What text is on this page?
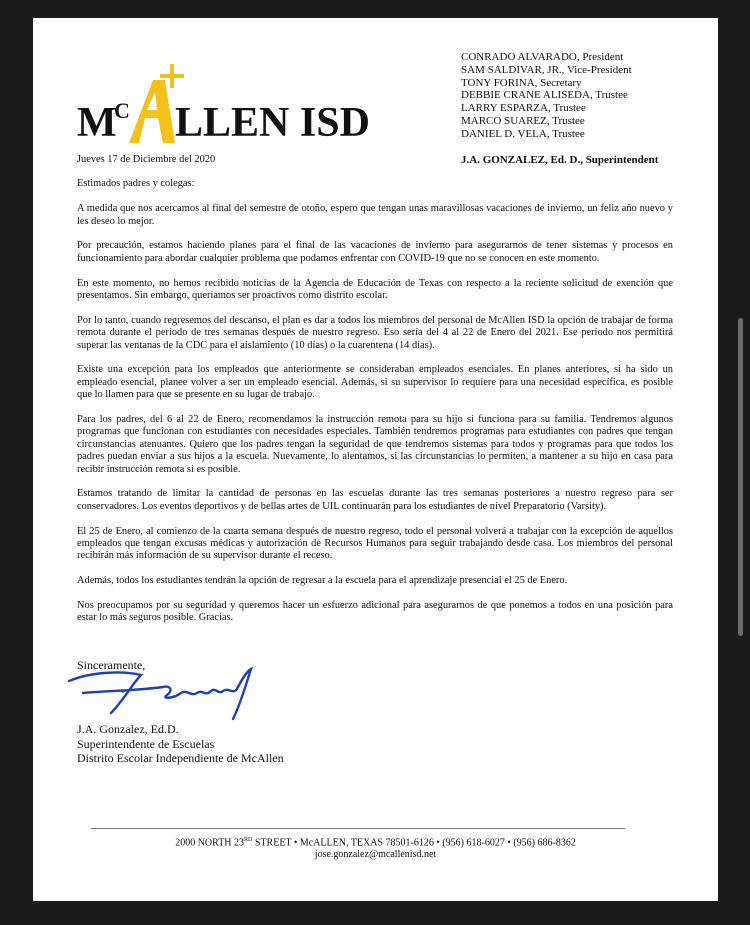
M
C LLEN ISD
CONRADO ALVARADO, President
SAM SALDIVAR, JR., Vice-President
TONY FORINA, Secretary
DEBBIE CRANE ALISEDA, Trustee
LARRY ESPARZA, Trustee
MARCO SUAREZ, Trustee
DANIEL D. VELA, Trustee
J.A. GONZALEZ, Ed. D., Superintendent

Jueves 17 de Diciembre del 2020

Estimados padres y colegas:

A medida que nos acercamos al final del semestre de otoño, espero que tengan unas maravillosas vacaciones de invierno, un feliz año nuevo y les deseo lo mejor.

Por precaución, estamos haciendo planes para el final de las vacaciones de invierno para asegurarnos de tener sistemas y procesos en funcionamiento para abordar cualquier problema que podamos enfrentar con COVID-19 que no se conocen en este momento.

En este momento, no hemos recibido noticias de la Agencia de Educación de Texas con respecto a la reciente solicitud de exención que presentamos. Sin embargo, queríamos ser proactivos como distrito escolar.

Por lo tanto, cuando regresemos del descanso, el plan es dar a todos los miembros del personal de McAllen ISD la opción de trabajar de forma remota durante el período de tres semanas después de nuestro regreso. Eso sería del 4 al 22 de Enero del 2021. Ese período nos permitirá superar las ventanas de la CDC para el aislamiento (10 días) o la cuarentena (14 días).

Existe una excepción para los empleados que anteriormente se consideraban empleados esenciales. En planes anteriores, si ha sido un empleado esencial, planee volver a ser un empleado esencial. Además, si su supervisor lo requiere para una necesidad específica, es posible que lo llamen para que se presente en su lugar de trabajo.

Para los padres, del 6 al 22 de Enero, recomendamos la instrucción remota para su hijo si funciona para su familia. Tendremos algunos programas que funcionan con estudiantes con necesidades especiales. También tendremos programas para estudiantes con padres que tengan circunstancias atenuantes. Quiero que los padres tengan la seguridad de que tendremos sistemas para todos y programas para que todos los padres puedan enviar a sus hijos a la escuela. Nuevamente, lo alentamos, si las circunstancias lo permiten, a mantener a su hijo en casa para recibir instrucción remota si es posible.

Estamos tratando de limitar la cantidad de personas en las escuelas durante las tres semanas posteriores a nuestro regreso para ser conservadores. Los eventos deportivos y de bellas artes de UIL continuarán para los estudiantes de nivel Preparatorio (Varsity).

El 25 de Enero, al comienzo de la cuarta semana después de nuestro regreso, todo el personal volverá a trabajar con la excepción de aquellos empleados que tengan excusas médicas y autorización de Recursos Humanos para seguir trabajando desde casa. Los miembros del personal recibirán más información de su supervisor durante el receso.

Además, todos los estudiantes tendrán la opción de regresar a la escuela para el aprendizaje presencial el 25 de Enero.

Nos preocupamos por su seguridad y queremos hacer un esfuerzo adicional para asegurarnos de que ponemos a todos en una posición para estar lo más seguros posible. Gracias.

Sinceramente,
J.A. Gonzalez, Ed.D.
Superintendente de Escuelas
Distrito Escolar Independiente de McAllen
2000 NORTH 23RD STREET • McALLEN, TEXAS 78501-6126 • (956) 618-6027 • (956) 686-8362
jose.gonzalez@mcallenisd.net
